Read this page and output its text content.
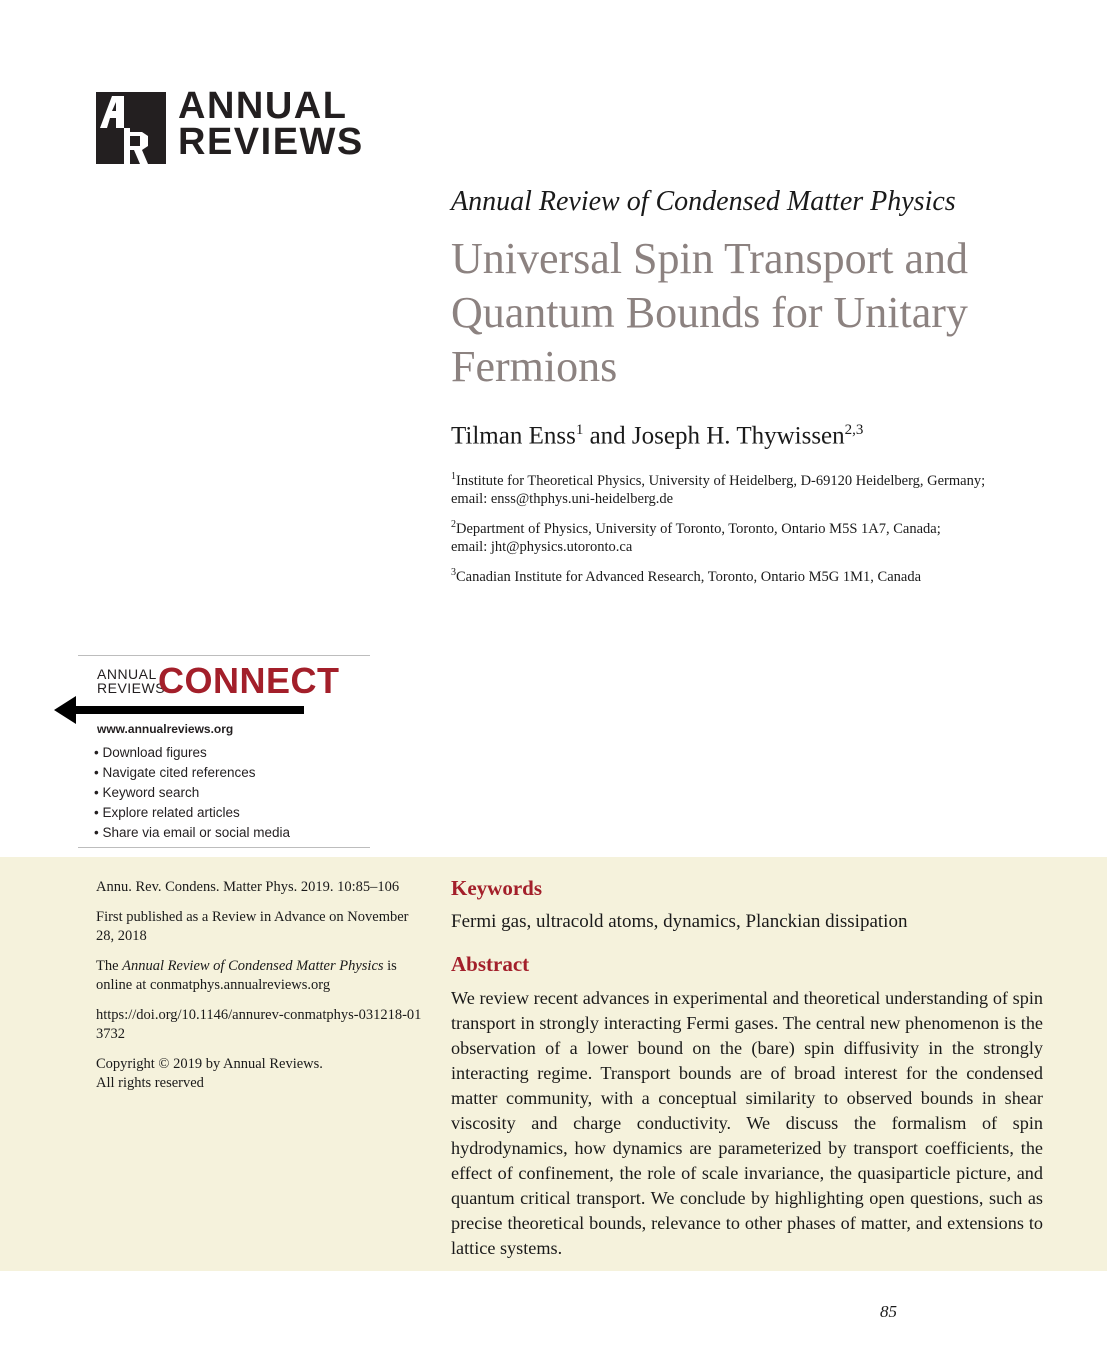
ANNUAL
REVIEWS
Annual Review of Condensed Matter Physics
Universal Spin Transport and Quantum Bounds for Unitary Fermions
Tilman Enss$^1$ and Joseph H. Thywissen$^{2,3}$
$^1$Institute for Theoretical Physics, University of Heidelberg, D-69120 Heidelberg, Germany;
email: enss@thphys.uni-heidelberg.de
$^2$Department of Physics, University of Toronto, Toronto, Ontario M5S 1A7, Canada;
email: jht@physics.utoronto.ca
$^3$Canadian Institute for Advanced Research, Toronto, Ontario M5G 1M1, Canada
ANNUAL
REVIEWS
CONNECT
www.annualreviews.org
• Download figures
• Navigate cited references
• Keyword search
• Explore related articles
• Share via email or social media
Annu. Rev. Condens. Matter Phys. 2019. 10:85–106
First published as a Review in Advance on November 28, 2018
The Annual Review of Condensed Matter Physics is online at conmatphys.annualreviews.org
https://doi.org/10.1146/annurev-conmatphys-031218-013732
Copyright © 2019 by Annual Reviews.
All rights reserved
Keywords
Fermi gas, ultracold atoms, dynamics, Planckian dissipation
Abstract
We review recent advances in experimental and theoretical understanding of spin transport in strongly interacting Fermi gases. The central new phenomenon is the observation of a lower bound on the (bare) spin diffusivity in the strongly interacting regime. Transport bounds are of broad interest for the condensed matter community, with a conceptual similarity to observed bounds in shear viscosity and charge conductivity. We discuss the formalism of spin hydrodynamics, how dynamics are parameterized by transport coefficients, the effect of confinement, the role of scale invariance, the quasiparticle picture, and quantum critical transport. We conclude by highlighting open questions, such as precise theoretical bounds, relevance to other phases of matter, and extensions to lattice systems.
85
